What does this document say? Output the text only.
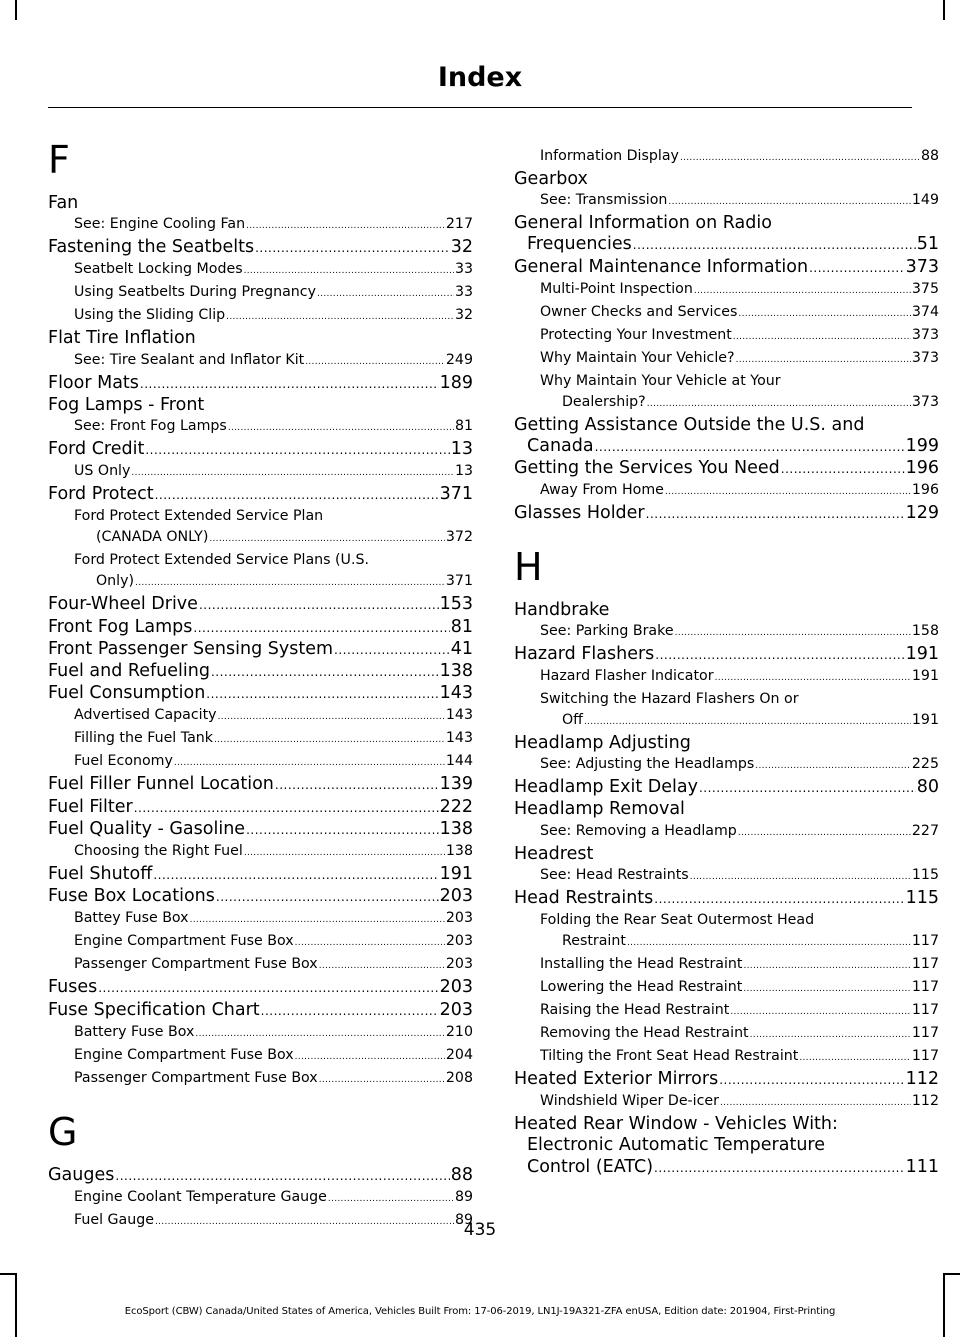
Index
F
Fan
See: Engine Cooling Fan .....	217
Fastening the Seatbelts .....	32
Seatbelt Locking Modes .....	33
Using Seatbelts During Pregnancy .....	33
Using the Sliding Clip .....	32
Flat Tire Inflation
See: Tire Sealant and Inflator Kit .....	249
Floor Mats .....	189
Fog Lamps - Front
See: Front Fog Lamps .....	81
Ford Credit .....	13
US Only .....	13
Ford Protect .....	371
Ford Protect Extended Service Plan
(CANADA ONLY) .....	372
Ford Protect Extended Service Plans (U.S.
Only) .....	371
Four-Wheel Drive .....	153
Front Fog Lamps .....	81
Front Passenger Sensing System .....	41
Fuel and Refueling .....	138
Fuel Consumption .....	143
Advertised Capacity .....	143
Filling the Fuel Tank .....	143
Fuel Economy .....	144
Fuel Filler Funnel Location .....	139
Fuel Filter .....	222
Fuel Quality - Gasoline .....	138
Choosing the Right Fuel .....	138
Fuel Shutoff .....	191
Fuse Box Locations .....	203
Battey Fuse Box .....	203
Engine Compartment Fuse Box .....	203
Passenger Compartment Fuse Box .....	203
Fuses .....	203
Fuse Specification Chart .....	203
Battery Fuse Box .....	210
Engine Compartment Fuse Box .....	204
Passenger Compartment Fuse Box .....	208
G
Gauges .....	88
Engine Coolant Temperature Gauge .....	89
Fuel Gauge .....	89
Information Display .....	88
Gearbox
See: Transmission .....	149
General Information on Radio
Frequencies .....	51
General Maintenance Information .....	373
Multi-Point Inspection .....	375
Owner Checks and Services .....	374
Protecting Your Investment .....	373
Why Maintain Your Vehicle? .....	373
Why Maintain Your Vehicle at Your
Dealership? .....	373
Getting Assistance Outside the U.S. and
Canada .....	199
Getting the Services You Need .....	196
Away From Home .....	196
Glasses Holder .....	129
H
Handbrake
See: Parking Brake .....	158
Hazard Flashers .....	191
Hazard Flasher Indicator .....	191
Switching the Hazard Flashers On or
Off .....	191
Headlamp Adjusting
See: Adjusting the Headlamps .....	225
Headlamp Exit Delay .....	80
Headlamp Removal
See: Removing a Headlamp .....	227
Headrest
See: Head Restraints .....	115
Head Restraints .....	115
Folding the Rear Seat Outermost Head
Restraint .....	117
Installing the Head Restraint .....	117
Lowering the Head Restraint .....	117
Raising the Head Restraint .....	117
Removing the Head Restraint .....	117
Tilting the Front Seat Head Restraint .....	117
Heated Exterior Mirrors .....	112
Windshield Wiper De-icer .....	112
Heated Rear Window - Vehicles With:
Electronic Automatic Temperature
Control (EATC) .....	111
435
EcoSport (CBW) Canada/United States of America, Vehicles Built From: 17-06-2019, LN1J-19A321-ZFA enUSA, Edition date: 201904, First-Printing
